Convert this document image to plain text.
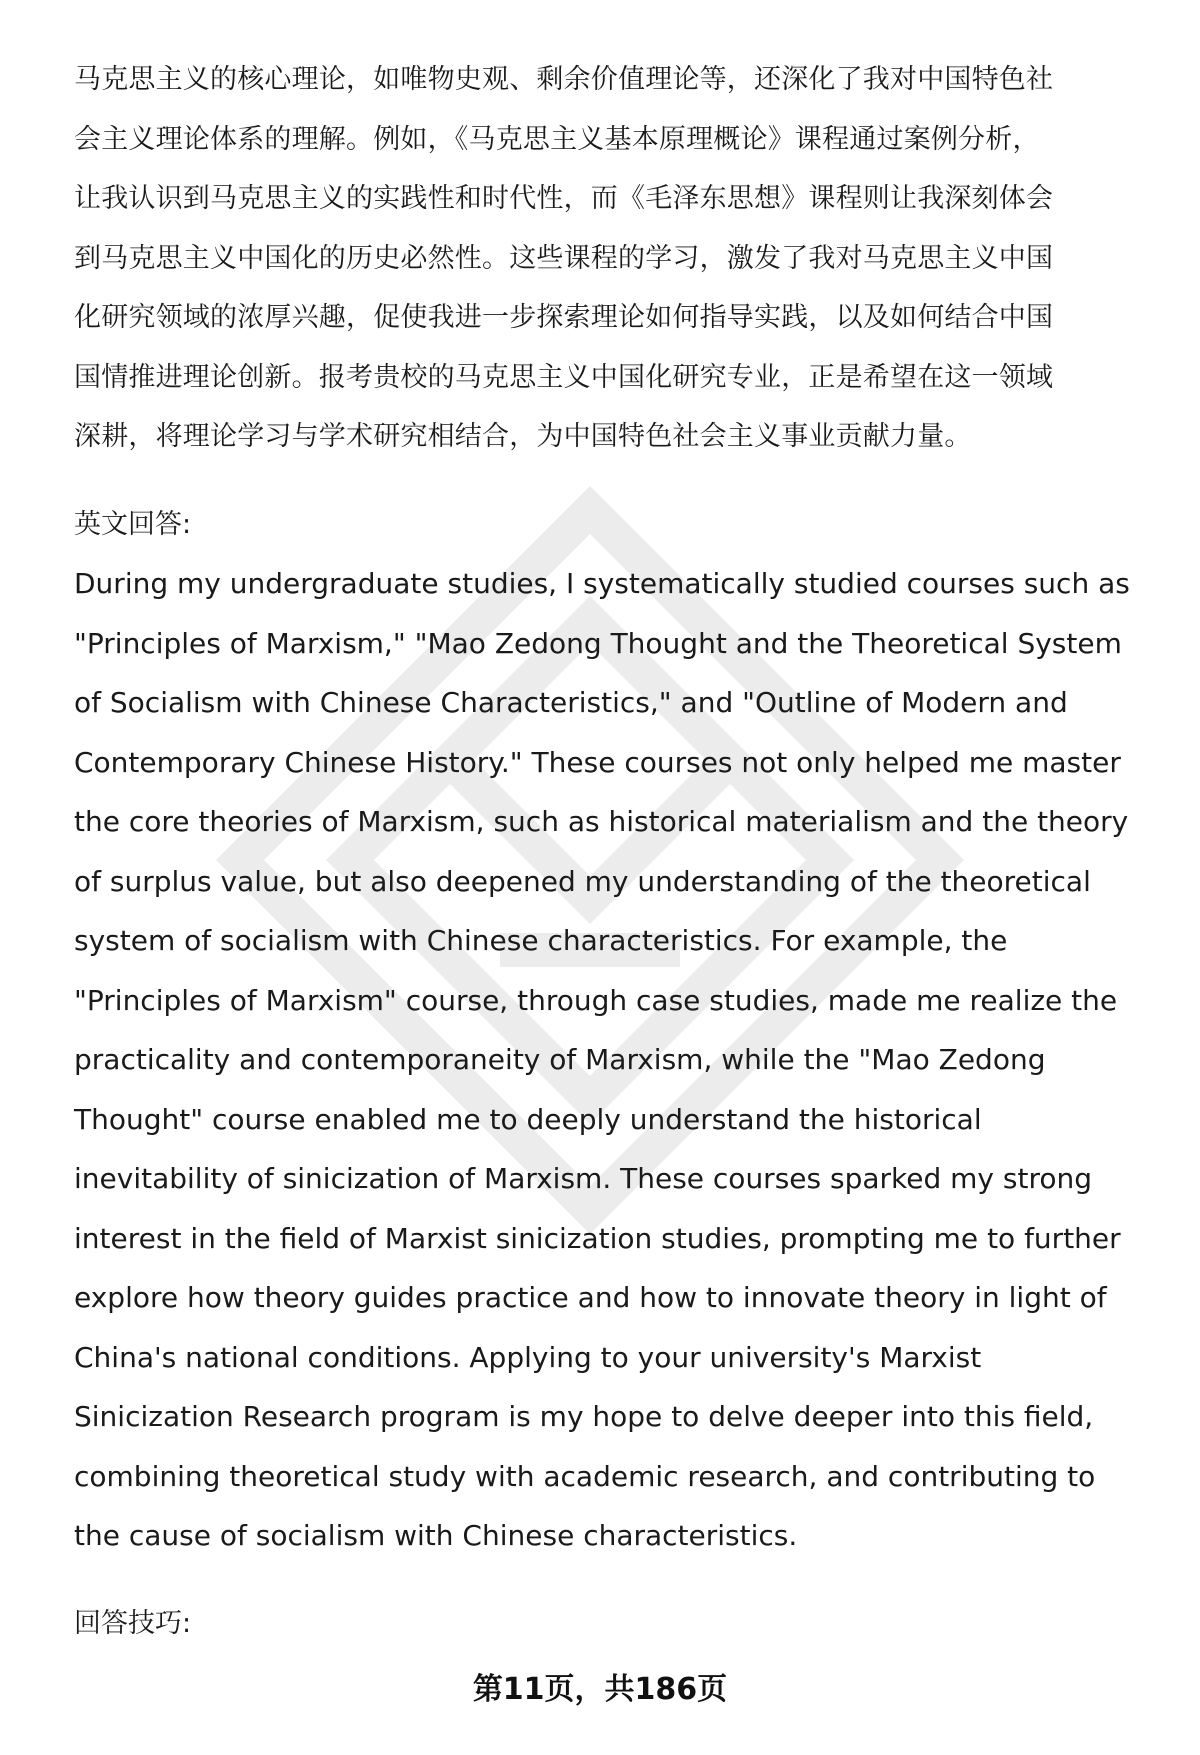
马克思主义的核心理论，如唯物史观、剩余价值理论等，还深化了我对中国特色社
会主义理论体系的理解。例如，《马克思主义基本原理概论》课程通过案例分析，
让我认识到马克思主义的实践性和时代性，而《毛泽东思想》课程则让我深刻体会
到马克思主义中国化的历史必然性。这些课程的学习，激发了我对马克思主义中国
化研究领域的浓厚兴趣，促使我进一步探索理论如何指导实践，以及如何结合中国
国情推进理论创新。报考贵校的马克思主义中国化研究专业，正是希望在这一领域
深耕，将理论学习与学术研究相结合，为中国特色社会主义事业贡献力量。

英文回答:

During my undergraduate studies, I systematically studied courses such as
"Principles of Marxism," "Mao Zedong Thought and the Theoretical System
of Socialism with Chinese Characteristics," and "Outline of Modern and
Contemporary Chinese History." These courses not only helped me master
the core theories of Marxism, such as historical materialism and the theory
of surplus value, but also deepened my understanding of the theoretical
system of socialism with Chinese characteristics. For example, the
"Principles of Marxism" course, through case studies, made me realize the
practicality and contemporaneity of Marxism, while the "Mao Zedong
Thought" course enabled me to deeply understand the historical
inevitability of sinicization of Marxism. These courses sparked my strong
interest in the field of Marxist sinicization studies, prompting me to further
explore how theory guides practice and how to innovate theory in light of
China's national conditions. Applying to your university's Marxist
Sinicization Research program is my hope to delve deeper into this field,
combining theoretical study with academic research, and contributing to
the cause of socialism with Chinese characteristics.

回答技巧:

第11页，共186页
